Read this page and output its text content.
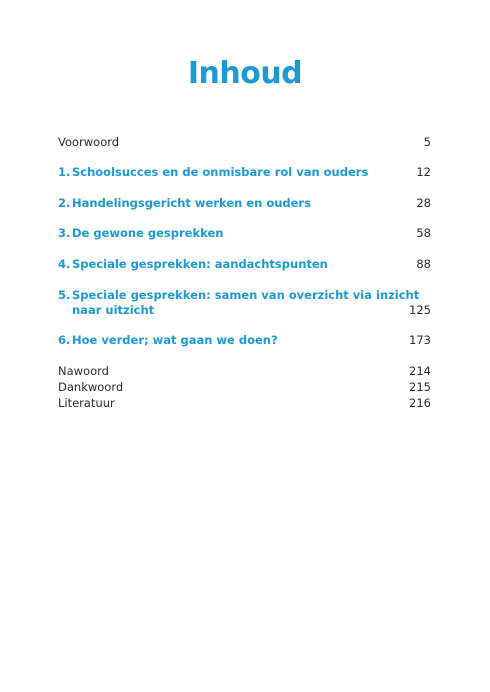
Inhoud
Voorwoord	5
1. Schoolsucces en de onmisbare rol van ouders	12
2. Handelingsgericht werken en ouders	28
3. De gewone gesprekken	58
4. Speciale gesprekken: aandachtspunten	88
5. Speciale gesprekken: samen van overzicht via inzicht
naar uitzicht	125
6. Hoe verder; wat gaan we doen?	173
Nawoord	214
Dankwoord	215
Literatuur	216
